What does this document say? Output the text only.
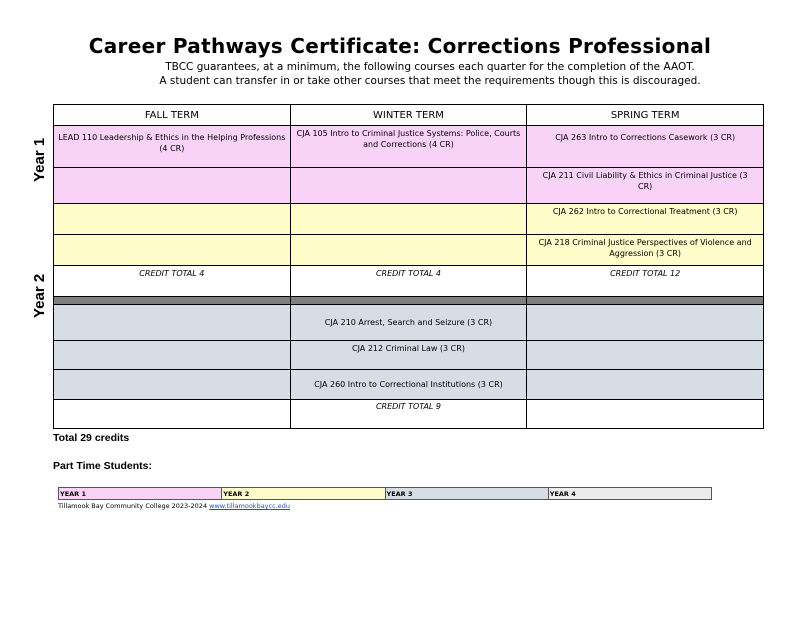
Career Pathways Certificate: Corrections Professional
TBCC guarantees, at a minimum, the following courses each quarter for the completion of the AAOT.
A student can transfer in or take other courses that meet the requirements though this is discouraged.
Year 1
Year 2
FALL TERM	WINTER TERM	SPRING TERM
LEAD 110 Leadership & Ethics in the Helping Professions (4 CR)	CJA 105 Intro to Criminal Justice Systems: Police, Courts and Corrections (4 CR)	CJA 263 Intro to Corrections Casework (3 CR)
		CJA 211 Civil Liability & Ethics in Criminal Justice (3 CR)
		CJA 262 Intro to Correctional Treatment (3 CR)
		CJA 218 Criminal Justice Perspectives of Violence and Aggression (3 CR)
CREDIT TOTAL 4	CREDIT TOTAL 4	CREDIT TOTAL 12

	CJA 210 Arrest, Search and Seizure (3 CR)	
	CJA 212 Criminal Law (3 CR)	
	CJA 260 Intro to Correctional Institutions (3 CR)	
	CREDIT TOTAL 9	
Total 29 credits
Part Time Students:
YEAR 1	YEAR 2	YEAR 3	YEAR 4
Tillamook Bay Community College 2023-2024 www.tillamookbaycc.edu
